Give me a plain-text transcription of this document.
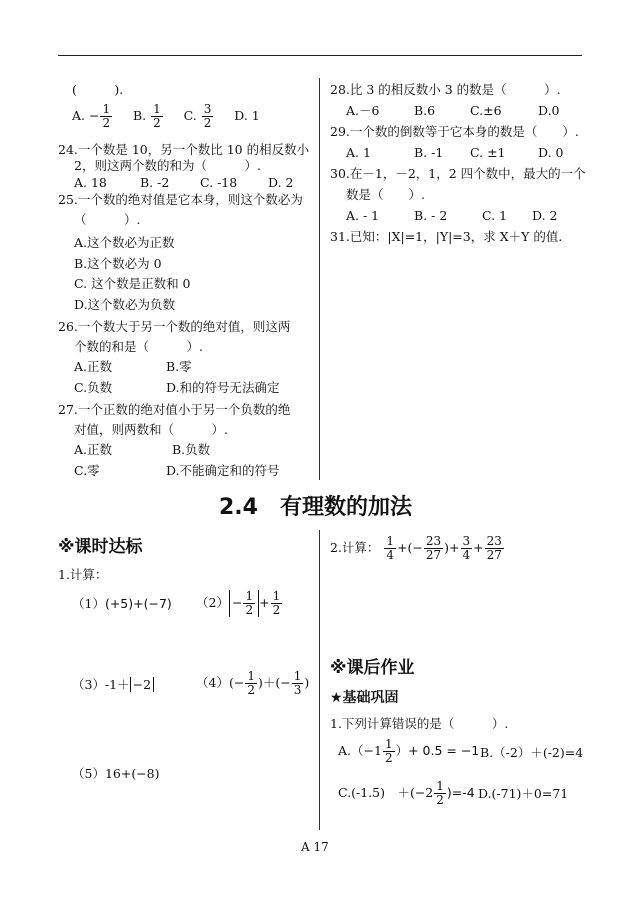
(　　　).
A. − $\frac{1}{2} B$. $\frac{1}{2} C$. $\frac{3}{2} D$. 1
24.一个数是 10，另一个数比 10 的相反数小
2，则这两个数的和为（　　　）.
A. 18	B. -2 C. -18 D. 2
25.一个数的绝对值是它本身，则这个数必为
（　　　）.
A.这个数必为正数
B.这个数必为 0
C. 这个数是正数和 0
D.这个数必为负数
26.一个数大于另一个数的绝对值，则这两
个数的和是（　　　）.
A.正数	B.零
C.负数	D.和的符号无法确定
27.一个正数的绝对值小于另一个负数的绝
对值，则两数和（　　　）.
A.正数	B.负数
C.零	D.不能确定和的符号
28.比 3 的相反数小 3 的数是（　　　）.
A.－6	B.6	C.±6	D.0
29.一个数的倒数等于它本身的数是（　　）.
A. 1	B. -1 C. ±1	D. 0
30.在－1，－2，1，2 四个数中，最大的一个
数是（　　）.
A. - 1	B. - 2	C. 1 D. 2
31.已知：|X|=1，|Y|=3，求 X＋Y 的值.
2.4　有理数的加法
※课时达标
1.计算：
（1）(+5)+(−7) $(2) - \frac{1}{2} + \frac{1}{2}$
（3）-1＋ −2	$(4)(- \frac{1}{2}$ )＋(− $\frac{1}{3}$ )
（5）16+(−8)
2.计算： $\frac{1}{4}$ +(− $\frac{23}{27}$ )+ $\frac{3}{4} + \frac{23}{27}$
※课后作业
★基础巩固
1.下列计算错误的是（　　　）.
$A.(-1 \frac{1}{2}$ ）+ 0.5 = −1 B.（-2）＋(-2)=4
C.(-1.5)　$+(-2 \frac{1}{2} )=-4$ D.(-71)＋0=71
A 17
